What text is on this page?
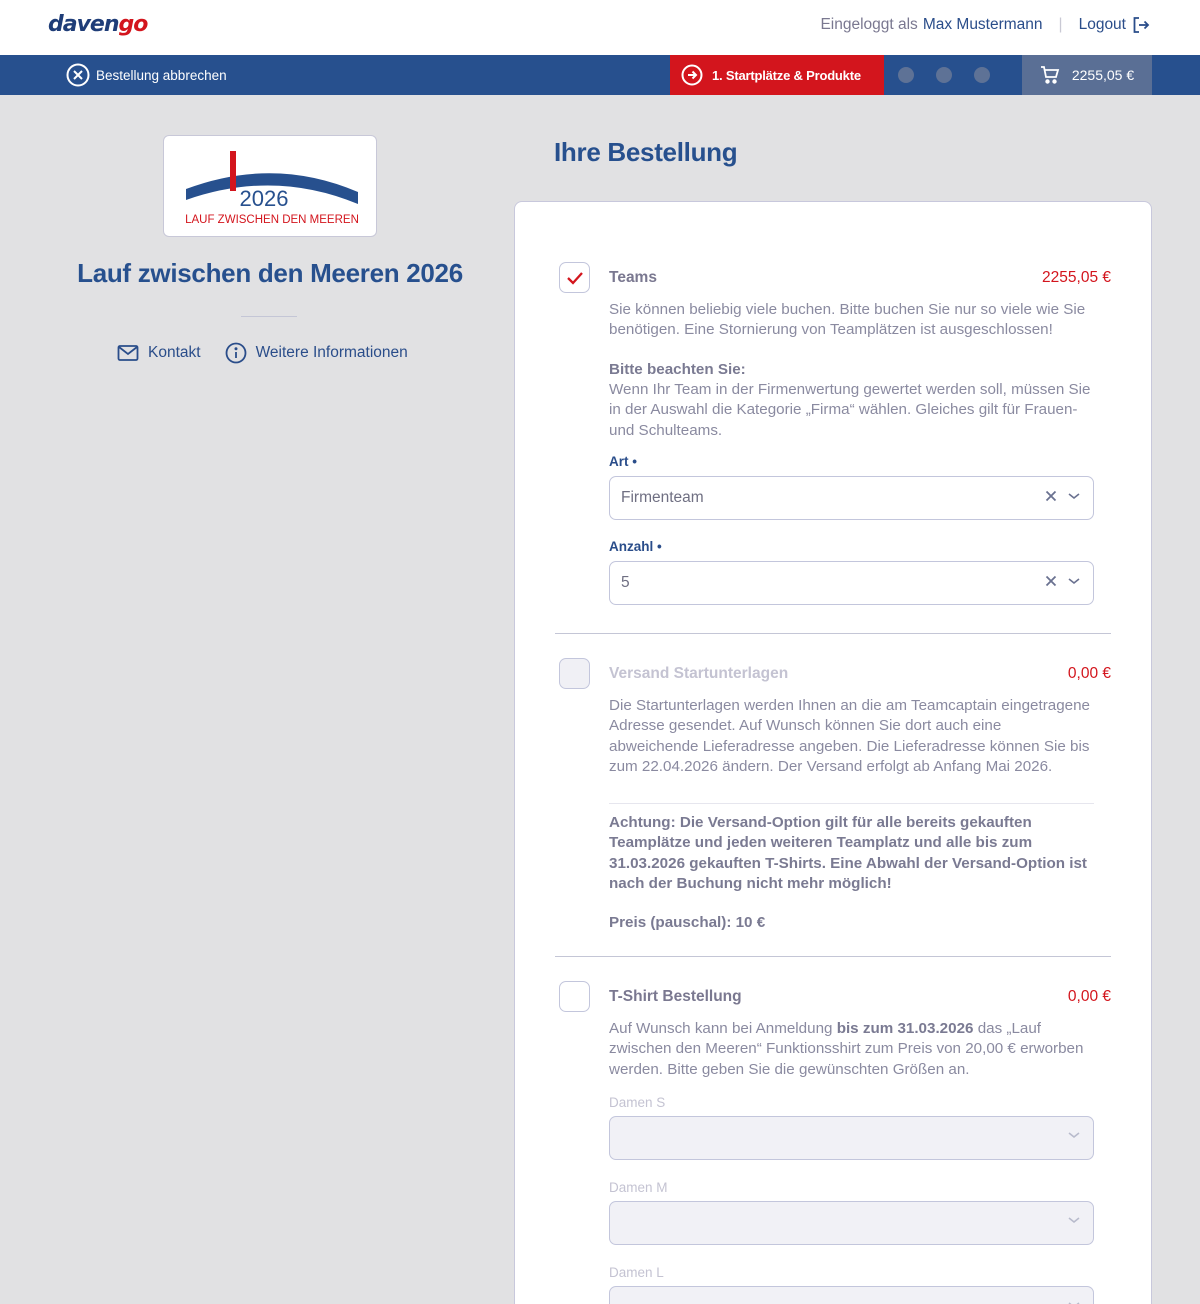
davengo	Eingeloggt als Max Mustermann | Logout
Bestellung abbrechen	1. Startplätze & Produkte	2255,05 €
2026
LAUF ZWISCHEN DEN MEEREN
Lauf zwischen den Meeren 2026
Kontakt	Weitere Informationen
Ihre Bestellung
Teams	2255,05 €
Sie können beliebig viele buchen. Bitte buchen Sie nur so viele wie Sie benötigen. Eine Stornierung von Teamplätzen ist ausgeschlossen!
Bitte beachten Sie:
Wenn Ihr Team in der Firmenwertung gewertet werden soll, müssen Sie in der Auswahl die Kategorie „Firma“ wählen. Gleiches gilt für Frauen- und Schulteams.
Art •
Firmenteam
Anzahl •
5
Versand Startunterlagen	0,00 €
Die Startunterlagen werden Ihnen an die am Teamcaptain eingetragene Adresse gesendet. Auf Wunsch können Sie dort auch eine abweichende Lieferadresse angeben. Die Lieferadresse können Sie bis zum 22.04.2026 ändern. Der Versand erfolgt ab Anfang Mai 2026.
Achtung: Die Versand-Option gilt für alle bereits gekauften Teamplätze und jeden weiteren Teamplatz und alle bis zum 31.03.2026 gekauften T-Shirts. Eine Abwahl der Versand-Option ist nach der Buchung nicht mehr möglich!
Preis (pauschal): 10 €
T-Shirt Bestellung	0,00 €
Auf Wunsch kann bei Anmeldung bis zum 31.03.2026 das „Lauf zwischen den Meeren“ Funktionsshirt zum Preis von 20,00 € erworben werden. Bitte geben Sie die gewünschten Größen an.
Damen S
Damen M
Damen L
